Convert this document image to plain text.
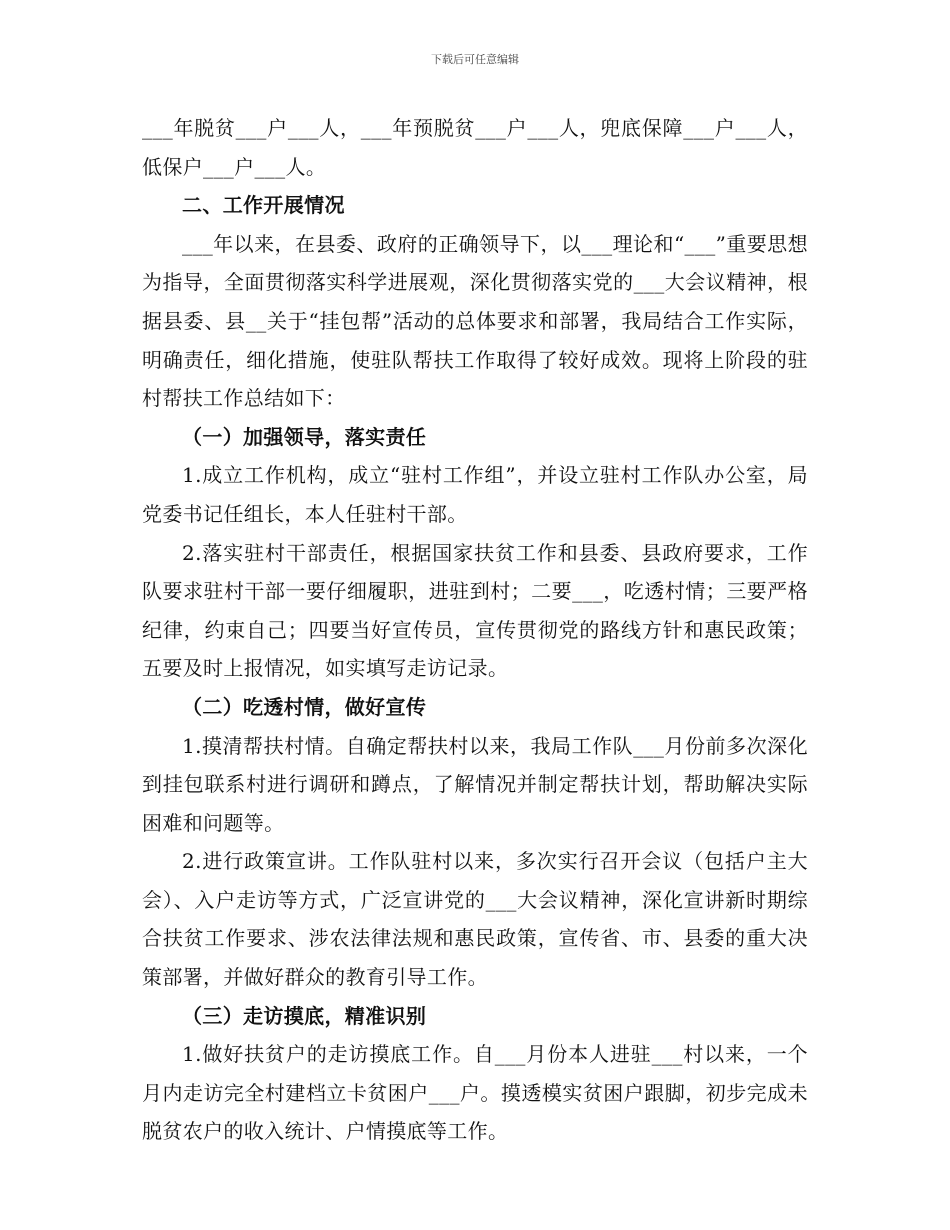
下载后可任意编辑

___年脱贫___户___人，___年预脱贫___户___人，兜底保障___户___人，低保户___户___人。

二、工作开展情况

___年以来，在县委、政府的正确领导下，以___理论和“___”重要思想为指导，全面贯彻落实科学进展观，深化贯彻落实党的___大会议精神，根据县委、县__关于“挂包帮”活动的总体要求和部署，我局结合工作实际，明确责任，细化措施，使驻队帮扶工作取得了较好成效。现将上阶段的驻村帮扶工作总结如下：

（一）加强领导，落实责任

1.成立工作机构，成立“驻村工作组”，并设立驻村工作队办公室，局党委书记任组长，本人任驻村干部。

2.落实驻村干部责任，根据国家扶贫工作和县委、县政府要求，工作队要求驻村干部一要仔细履职，进驻到村；二要___，吃透村情；三要严格纪律，约束自己；四要当好宣传员，宣传贯彻党的路线方针和惠民政策；五要及时上报情况，如实填写走访记录。

（二）吃透村情，做好宣传

1.摸清帮扶村情。自确定帮扶村以来，我局工作队___月份前多次深化到挂包联系村进行调研和蹲点，了解情况并制定帮扶计划，帮助解决实际困难和问题等。

2.进行政策宣讲。工作队驻村以来，多次实行召开会议（包括户主大会）、入户走访等方式，广泛宣讲党的___大会议精神，深化宣讲新时期综合扶贫工作要求、涉农法律法规和惠民政策，宣传省、市、县委的重大决策部署，并做好群众的教育引导工作。

（三）走访摸底，精准识别

1.做好扶贫户的走访摸底工作。自___月份本人进驻___村以来，一个月内走访完全村建档立卡贫困户___户。摸透模实贫困户跟脚，初步完成未脱贫农户的收入统计、户情摸底等工作。
